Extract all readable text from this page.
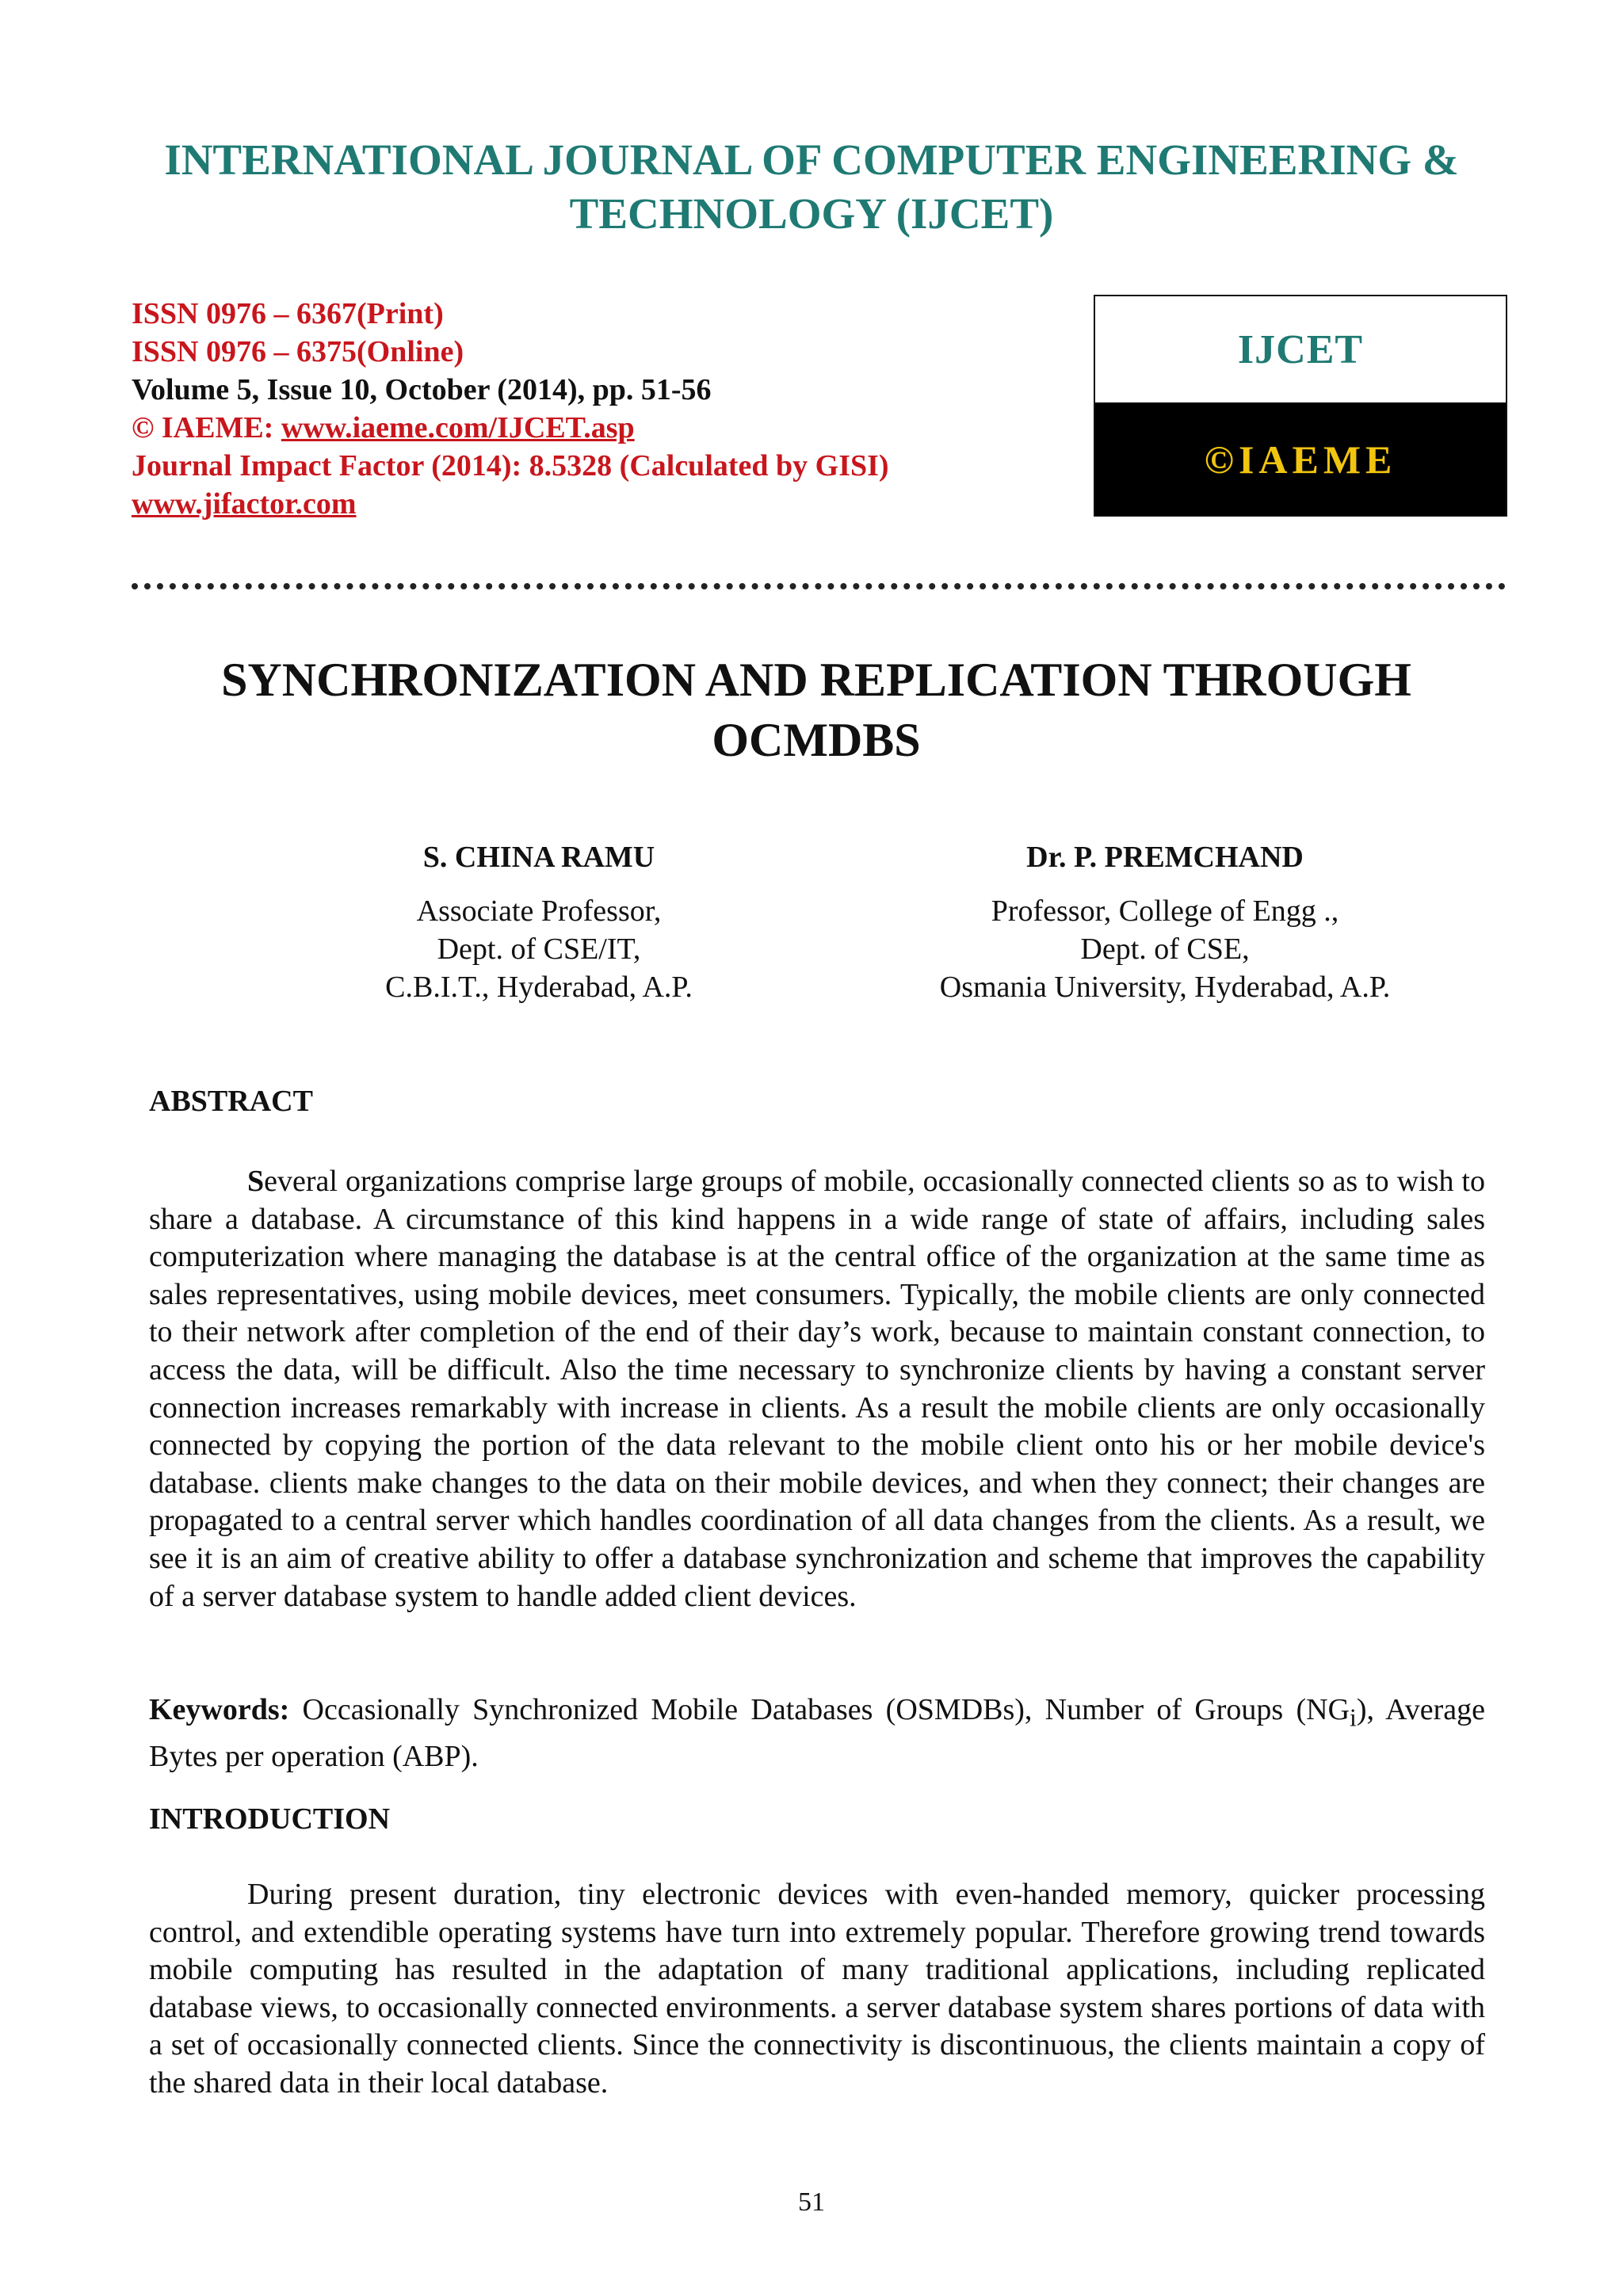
INTERNATIONAL JOURNAL OF COMPUTER ENGINEERING &
TECHNOLOGY (IJCET)
ISSN 0976 – 6367(Print)
ISSN 0976 – 6375(Online)
Volume 5, Issue 10, October (2014), pp. 51-56
© IAEME: www.iaeme.com/IJCET.asp
Journal Impact Factor (2014): 8.5328 (Calculated by GISI)
www.jifactor.com
IJCET
©IAEME
SYNCHRONIZATION AND REPLICATION THROUGH
OCMDBS
S. CHINA RAMU
Associate Professor,
Dept. of CSE/IT,
C.B.I.T., Hyderabad, A.P.
Dr. P. PREMCHAND
Professor, College of Engg .,
Dept. of CSE,
Osmania University, Hyderabad, A.P.
ABSTRACT
Several organizations comprise large groups of mobile, occasionally connected clients so as to wish to share a database. A circumstance of this kind happens in a wide range of state of affairs, including sales computerization where managing the database is at the central office of the organization at the same time as sales representatives, using mobile devices, meet consumers. Typically, the mobile clients are only connected to their network after completion of the end of their day’s work, because to maintain constant connection, to access the data, will be difficult. Also the time necessary to synchronize clients by having a constant server connection increases remarkably with increase in clients. As a result the mobile clients are only occasionally connected by copying the portion of the data relevant to the mobile client onto his or her mobile device's database. clients make changes to the data on their mobile devices, and when they connect; their changes are propagated to a central server which handles coordination of all data changes from the clients. As a result, we see it is an aim of creative ability to offer a database synchronization and scheme that improves the capability of a server database system to handle added client devices.
Keywords: Occasionally Synchronized Mobile Databases (OSMDBs), Number of Groups $(NG_i)$, Average Bytes per operation (ABP).
INTRODUCTION
During present duration, tiny electronic devices with even-handed memory, quicker processing control, and extendible operating systems have turn into extremely popular. Therefore growing trend towards mobile computing has resulted in the adaptation of many traditional applications, including replicated database views, to occasionally connected environments. a server database system shares portions of data with a set of occasionally connected clients. Since the connectivity is discontinuous, the clients maintain a copy of the shared data in their local database.
51
